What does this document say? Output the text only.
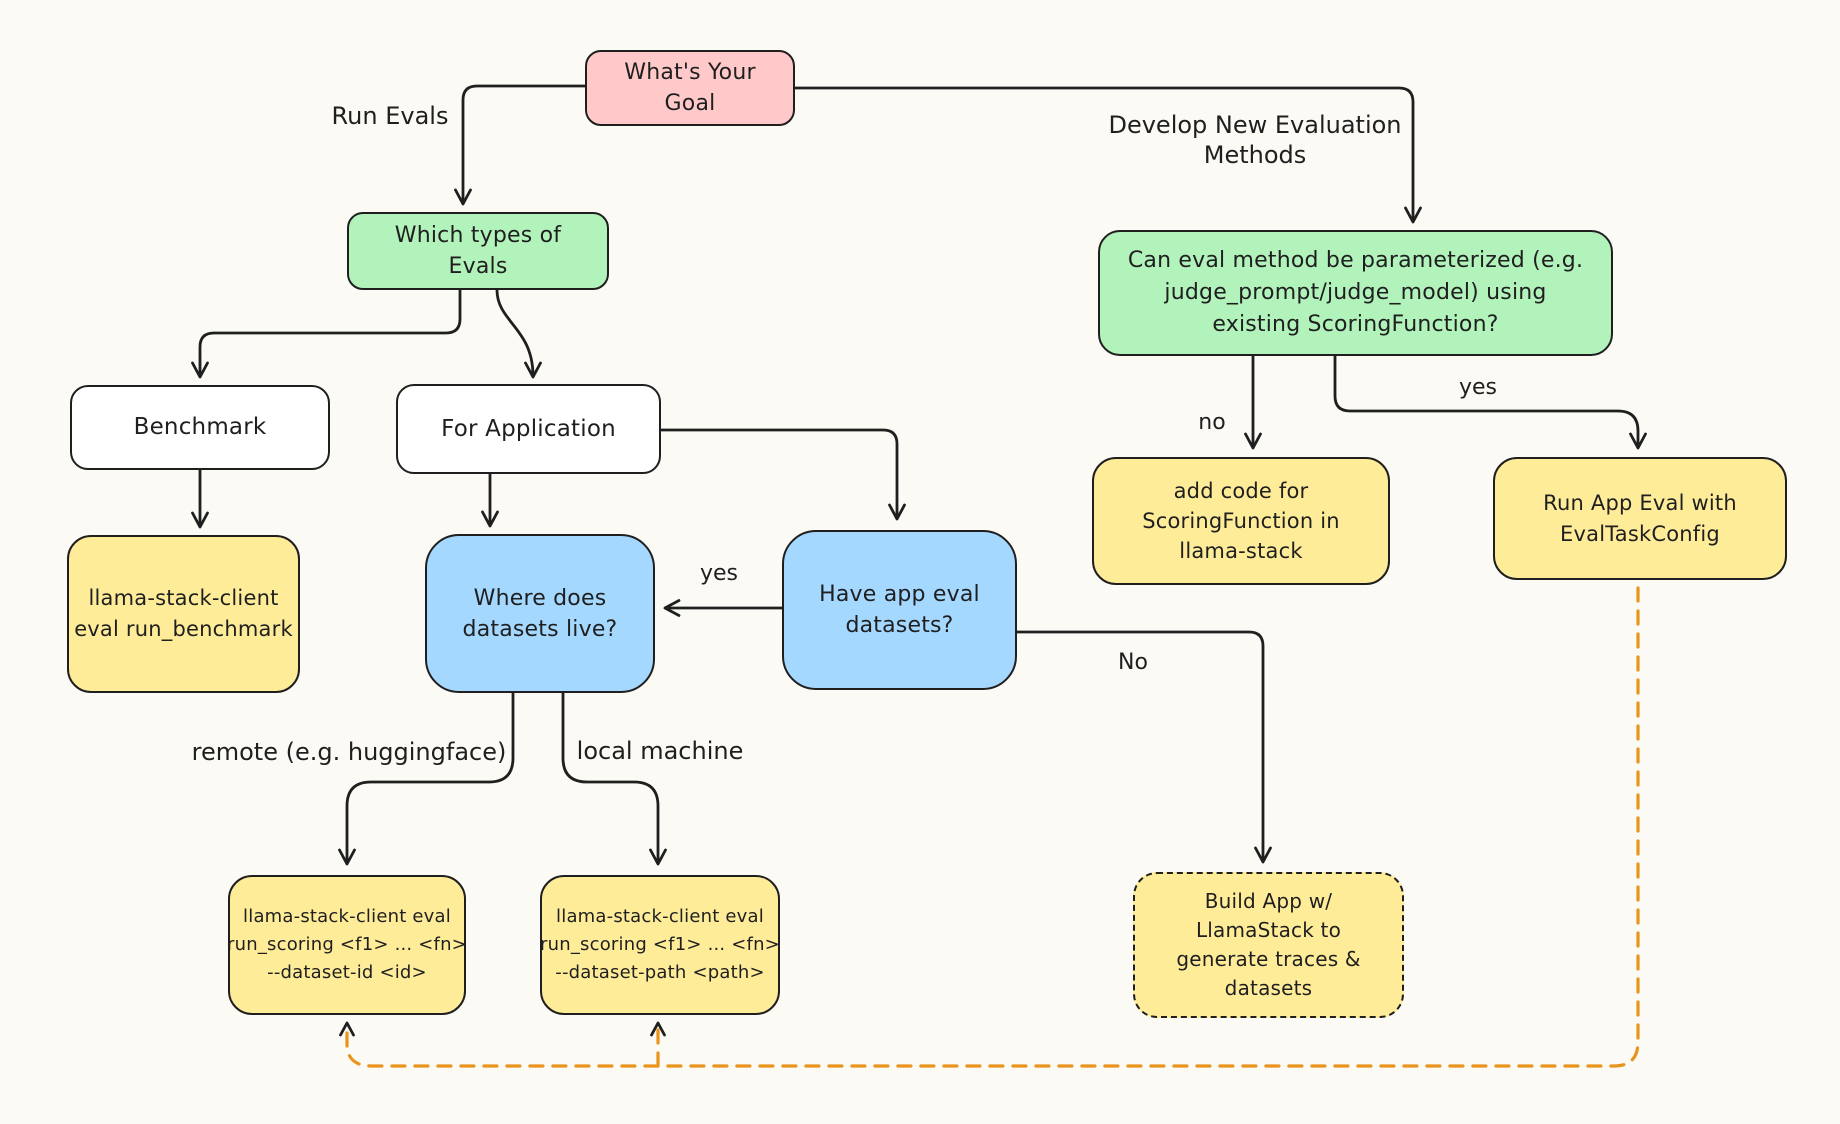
What's Your
Goal
Which types of
Evals
Benchmark	For Application
llama-stack-client
eval run_benchmark
Where does
datasets live?
Have app eval
datasets?
Can eval method be parameterized (e.g.
judge_prompt/judge_model) using
existing ScoringFunction?
add code for
ScoringFunction in
llama-stack
Run App Eval with
EvalTaskConfig
Build App w/
LlamaStack to
generate traces &
datasets
llama-stack-client eval
run_scoring <f1> ... <fn>
--dataset-id <id>
llama-stack-client eval
run_scoring <f1> ... <fn>
--dataset-path <path>
Run Evals	Develop New Evaluation
Methods
yes
No
no
yes
remote (e.g. huggingface)	local machine
